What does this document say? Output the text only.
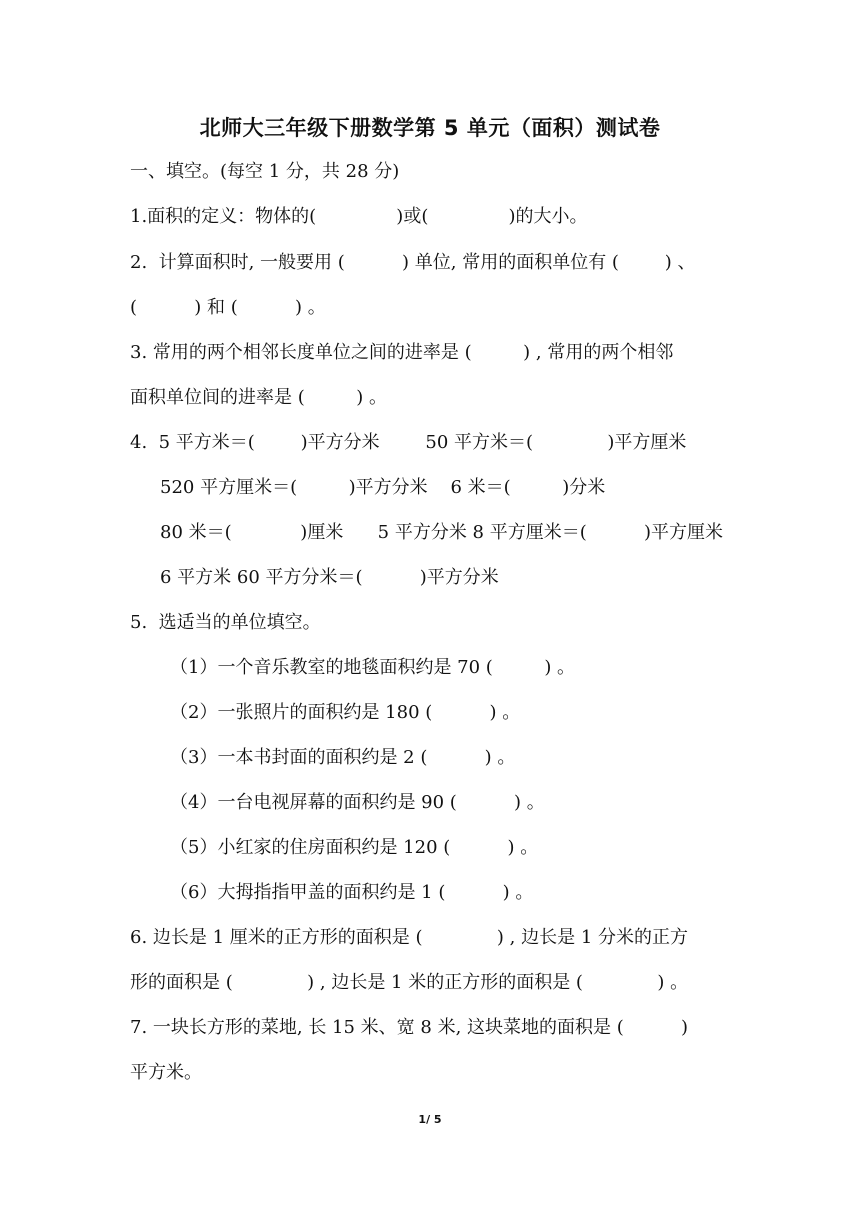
北师大三年级下册数学第 5 单元（面积）测试卷
一、填空。(每空 1 分，共 28 分)
1.面积的定义：物体的(              )或(              )的大小。
2.  计算面积时, 一般要用 (          ) 单位, 常用的面积单位有 (        ) 、
(          ) 和 (          ) 。
3. 常用的两个相邻长度单位之间的进率是 (         ) , 常用的两个相邻
面积单位间的进率是 (         ) 。
4.  5 平方米＝(        )平方分米        50 平方米＝(             )平方厘米
520 平方厘米＝(         )平方分米    6 米＝(         )分米
80 米＝(            )厘米      5 平方分米 8 平方厘米＝(          )平方厘米
6 平方米 60 平方分米＝(          )平方分米
5.  选适当的单位填空。
（1）一个音乐教室的地毯面积约是 70 (         ) 。
（2）一张照片的面积约是 180 (          ) 。
（3）一本书封面的面积约是 2 (          ) 。
（4）一台电视屏幕的面积约是 90 (          ) 。
（5）小红家的住房面积约是 120 (          ) 。
（6）大拇指指甲盖的面积约是 1 (          ) 。
6. 边长是 1 厘米的正方形的面积是 (             ) , 边长是 1 分米的正方
形的面积是 (             ) , 边长是 1 米的正方形的面积是 (             ) 。
7. 一块长方形的菜地, 长 15 米、宽 8 米, 这块菜地的面积是 (          )
平方米。
1/ 5
